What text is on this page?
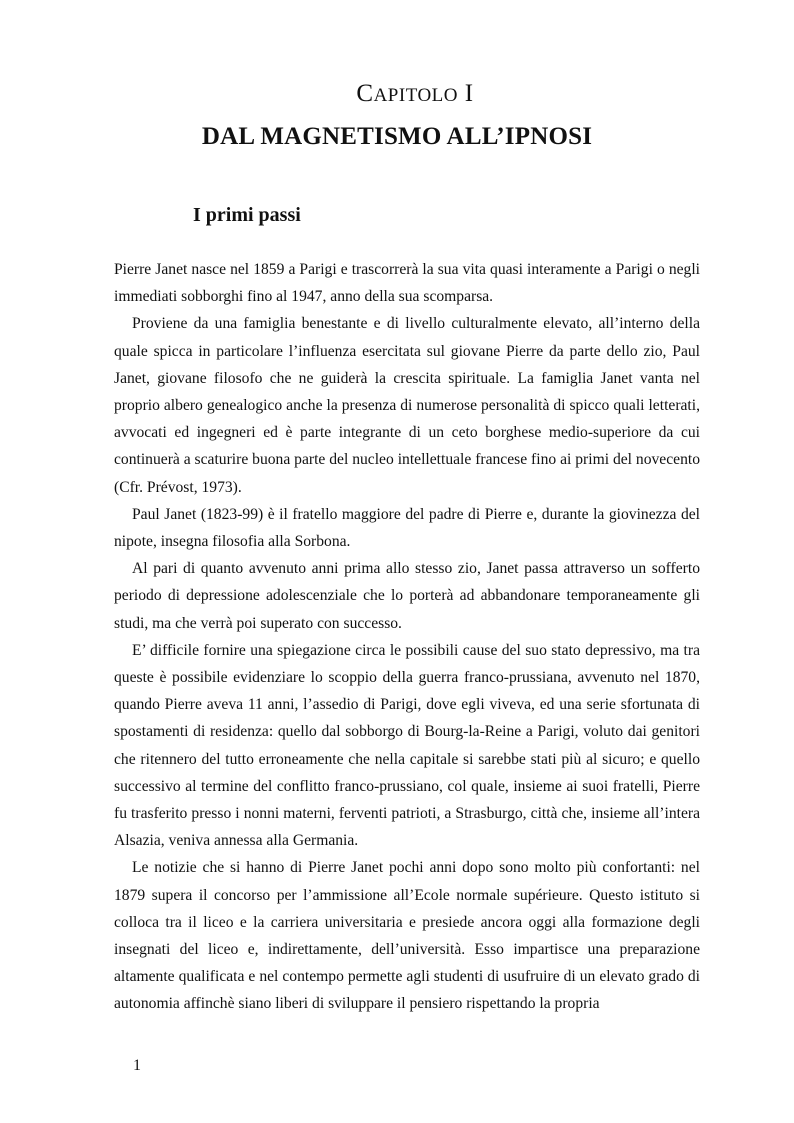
CAPITOLO I
DAL MAGNETISMO ALL’IPNOSI
I primi passi

Pierre Janet nasce nel 1859 a Parigi e trascorrerà la sua vita quasi interamente a Parigi o negli immediati sobborghi fino al 1947, anno della sua scomparsa.

Proviene da una famiglia benestante e di livello culturalmente elevato, all’interno della quale spicca in particolare l’influenza esercitata sul giovane Pierre da parte dello zio, Paul Janet, giovane filosofo che ne guiderà la crescita spirituale. La famiglia Janet vanta nel proprio albero genealogico anche la presenza di numerose personalità di spicco quali letterati, avvocati ed ingegneri ed è parte integrante di un ceto borghese medio-superiore da cui continuerà a scaturire buona parte del nucleo intellettuale francese fino ai primi del novecento (Cfr. Prévost, 1973).

Paul Janet (1823-99) è il fratello maggiore del padre di Pierre e, durante la giovinezza del nipote, insegna filosofia alla Sorbona.

Al pari di quanto avvenuto anni prima allo stesso zio, Janet passa attraverso un sofferto periodo di depressione adolescenziale che lo porterà ad abbandonare temporaneamente gli studi, ma che verrà poi superato con successo.

E’ difficile fornire una spiegazione circa le possibili cause del suo stato depressivo, ma tra queste è possibile evidenziare lo scoppio della guerra franco-prussiana, avvenuto nel 1870, quando Pierre aveva 11 anni, l’assedio di Parigi, dove egli viveva, ed una serie sfortunata di spostamenti di residenza: quello dal sobborgo di Bourg-la-Reine a Parigi, voluto dai genitori che ritennero del tutto erroneamente che nella capitale si sarebbe stati più al sicuro; e quello successivo al termine del conflitto franco-prussiano, col quale, insieme ai suoi fratelli, Pierre fu trasferito presso i nonni materni, ferventi patrioti, a Strasburgo, città che, insieme all’intera Alsazia, veniva annessa alla Germania.

Le notizie che si hanno di Pierre Janet pochi anni dopo sono molto più confortanti: nel 1879 supera il concorso per l’ammissione all’Ecole normale supérieure. Questo istituto si colloca tra il liceo e la carriera universitaria e presiede ancora oggi alla formazione degli insegnati del liceo e, indirettamente, dell’università. Esso impartisce una preparazione altamente qualificata e nel contempo permette agli studenti di usufruire di un elevato grado di autonomia affinchè siano liberi di sviluppare il pensiero rispettando la propria

1
